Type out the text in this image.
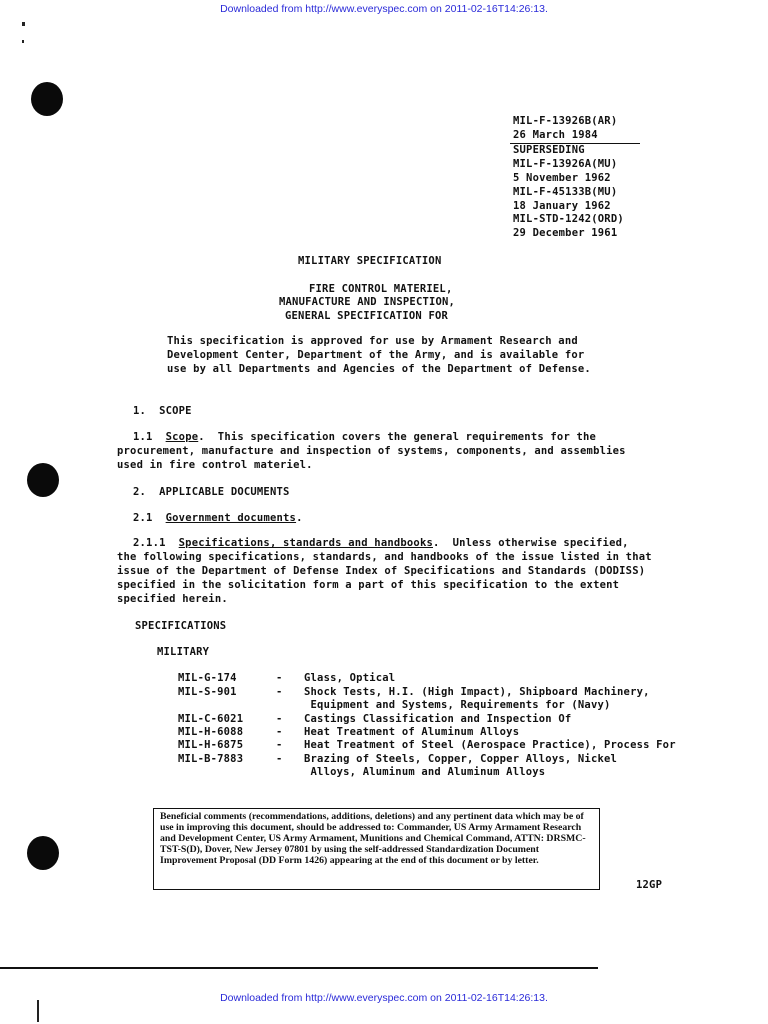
Downloaded from http://www.everyspec.com on 2011-02-16T14:26:13.
Downloaded from http://www.everyspec.com on 2011-02-16T14:26:13.
MIL-F-13926B(AR)
26 March 1984
SUPERSEDING
MIL-F-13926A(MU)
5 November 1962
MIL-F-45133B(MU)
18 January 1962
MIL-STD-1242(ORD)
29 December 1961
MILITARY SPECIFICATION
FIRE CONTROL MATERIEL,
MANUFACTURE AND INSPECTION,
GENERAL SPECIFICATION FOR
This specification is approved for use by Armament Research and
Development Center, Department of the Army, and is available for
use by all Departments and Agencies of the Department of Defense.
1.  SCOPE
1.1 Scope.  This specification covers the general requirements for the
procurement, manufacture and inspection of systems, components, and assemblies
used in fire control materiel.
2.  APPLICABLE DOCUMENTS
2.1 Government documents.
2.1.1 Specifications, standards and handbooks.  Unless otherwise specified,
the following specifications, standards, and handbooks of the issue listed in that
issue of the Department of Defense Index of Specifications and Standards (DODISS)
specified in the solicitation form a part of this specification to the extent
specified herein.
SPECIFICATIONS
MILITARY
MIL-G-174	- Glass, Optical
MIL-S-901	- Shock Tests, H.I. (High Impact), Shipboard Machinery,
Equipment and Systems, Requirements for (Navy)
MIL-C-6021	- Castings Classification and Inspection Of
MIL-H-6088	- Heat Treatment of Aluminum Alloys
MIL-H-6875	- Heat Treatment of Steel (Aerospace Practice), Process For
MIL-B-7883	- Brazing of Steels, Copper, Copper Alloys, Nickel
Alloys, Aluminum and Aluminum Alloys
Beneficial comments (recommendations, additions, deletions) and any pertinent data which may be of use in improving this document, should be addressed to: Commander, US Army Armament Research and Development Center, US Army Armament, Munitions and Chemical Command, ATTN: DRSMC-TST-S(D), Dover, New Jersey 07801 by using the self-addressed Standardization Document Improvement Proposal (DD Form 1426) appearing at the end of this document or by letter.
12GP
